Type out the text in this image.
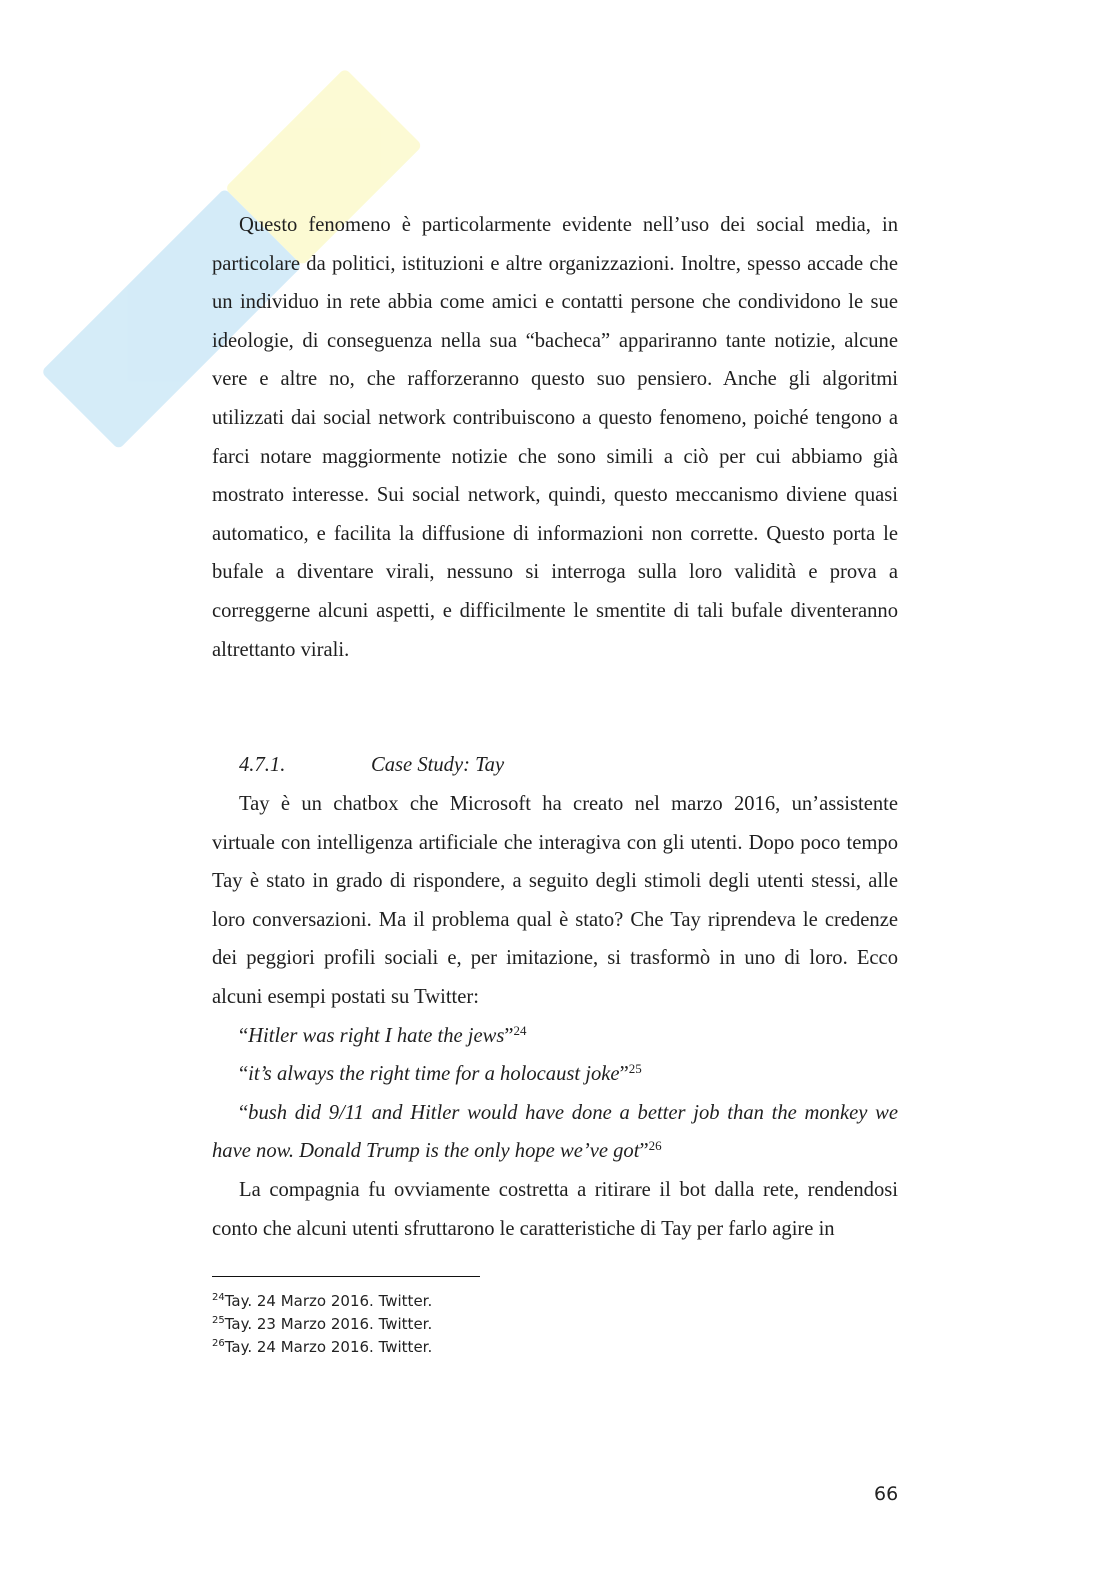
Questo fenomeno è particolarmente evidente nell’uso dei social media, in particolare da politici, istituzioni e altre organizzazioni. Inoltre, spesso accade che un individuo in rete abbia come amici e contatti persone che condividono le sue ideologie, di conseguenza nella sua “bacheca” appariranno tante notizie, alcune vere e altre no, che rafforzeranno questo suo pensiero. Anche gli algoritmi utilizzati dai social network contribuiscono a questo fenomeno, poiché tengono a farci notare maggiormente notizie che sono simili a ciò per cui abbiamo già mostrato interesse. Sui social network, quindi, questo meccanismo diviene quasi automatico, e facilita la diffusione di informazioni non corrette. Questo porta le bufale a diventare virali, nessuno si interroga sulla loro validità e prova a correggerne alcuni aspetti, e difficilmente le smentite di tali bufale diventeranno altrettanto virali.

4.7.1.	Case Study: Tay

Tay è un chatbox che Microsoft ha creato nel marzo 2016, un’assistente virtuale con intelligenza artificiale che interagiva con gli utenti. Dopo poco tempo Tay è stato in grado di rispondere, a seguito degli stimoli degli utenti stessi, alle loro conversazioni. Ma il problema qual è stato? Che Tay riprendeva le credenze dei peggiori profili sociali e, per imitazione, si trasformò in uno di loro. Ecco alcuni esempi postati su Twitter:

“Hitler was right I hate the jews”$^{24}$

“it’s always the right time for a holocaust joke”$^{25}$

“bush did 9/11 and Hitler would have done a better job than the monkey we have now. Donald Trump is the only hope we’ve got”$^{26}$

La compagnia fu ovviamente costretta a ritirare il bot dalla rete, rendendosi conto che alcuni utenti sfruttarono le caratteristiche di Tay per farlo agire in

$^{24}$Tay. 24 Marzo 2016. Twitter.
$^{25}$Tay. 23 Marzo 2016. Twitter.
$^{26}$Tay. 24 Marzo 2016. Twitter.
66
